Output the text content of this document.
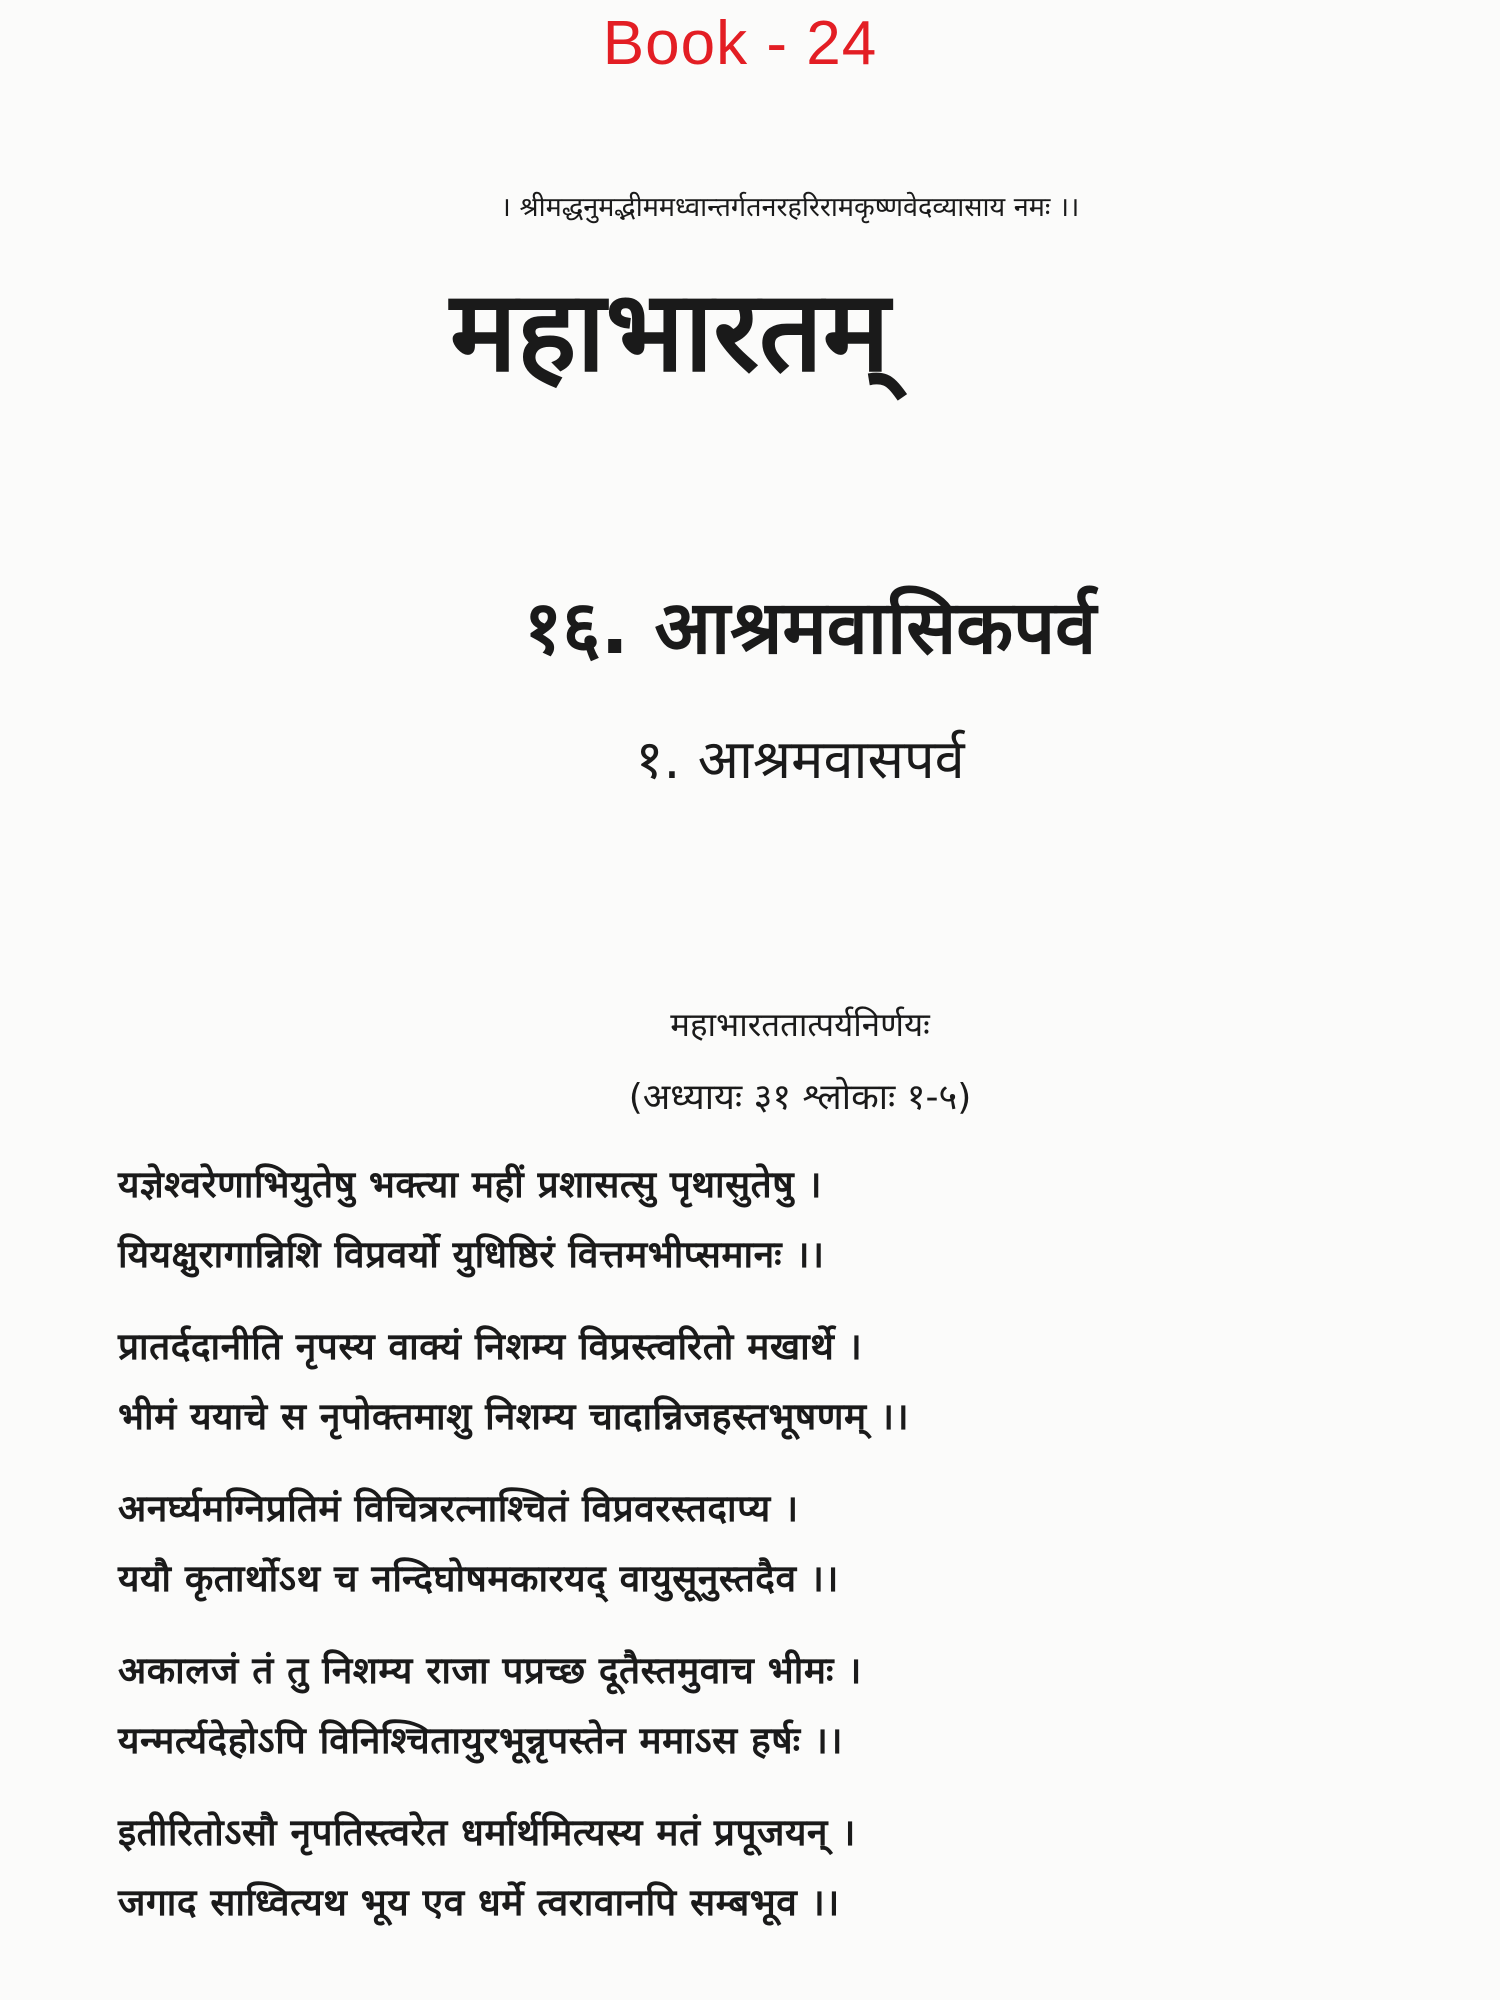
Book - 24
। श्रीमद्धनुमद्भीममध्वान्तर्गतनरहरिरामकृष्णवेदव्यासाय नमः ।।
महाभारतम्
१६. आश्रमवासिकपर्व
१. आश्रमवासपर्व
महाभारततात्पर्यनिर्णयः
(अध्यायः ३१ श्लोकाः १-५)
यज्ञेश्वरेणाभियुतेषु भक्त्या महीं प्रशासत्सु पृथासुतेषु ।
यियक्षुरागान्निशि विप्रवर्यो युधिष्ठिरं वित्तमभीप्समानः ।।
प्रातर्ददानीति नृपस्य वाक्यं निशम्य विप्रस्त्वरितो मखार्थे ।
भीमं ययाचे स नृपोक्तमाशु निशम्य चादान्निजहस्तभूषणम् ।।
अनर्घ्यमग्निप्रतिमं विचित्ररत्नाश्चितं विप्रवरस्तदाप्य ।
ययौ कृतार्थोऽथ च नन्दिघोषमकारयद् वायुसूनुस्तदैव ।।
अकालजं तं तु निशम्य राजा पप्रच्छ दूतैस्तमुवाच भीमः ।
यन्मर्त्यदेहोऽपि विनिश्चितायुरभून्नृपस्तेन ममाऽस हर्षः ।।
इतीरितोऽसौ नृपतिस्त्वरेत धर्मार्थमित्यस्य मतं प्रपूजयन् ।
जगाद साध्वित्यथ भूय एव धर्मे त्वरावानपि सम्बभूव ।।
